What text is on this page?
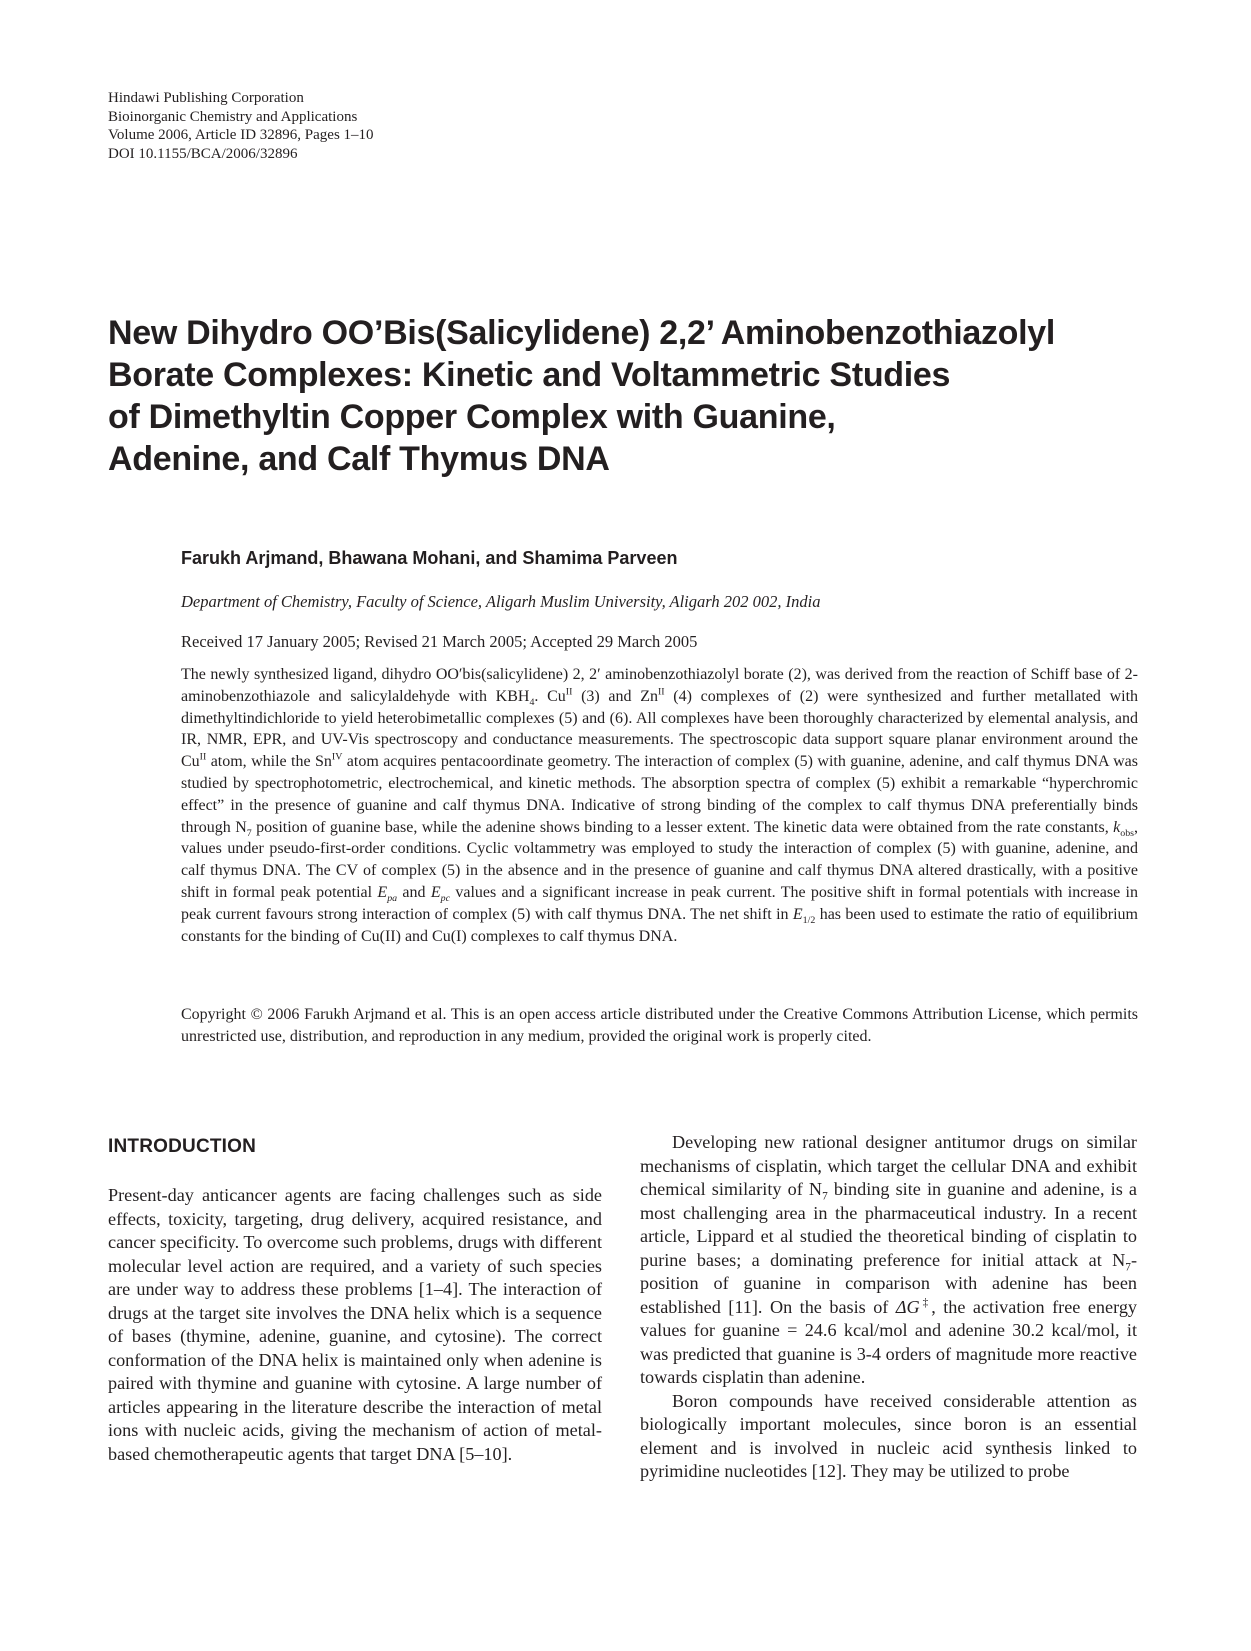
Hindawi Publishing Corporation
Bioinorganic Chemistry and Applications
Volume 2006, Article ID 32896, Pages 1–10
DOI 10.1155/BCA/2006/32896
New Dihydro OO’Bis(Salicylidene) 2,2’ Aminobenzothiazolyl
Borate Complexes: Kinetic and Voltammetric Studies
of Dimethyltin Copper Complex with Guanine,
Adenine, and Calf Thymus DNA
Farukh Arjmand, Bhawana Mohani, and Shamima Parveen
Department of Chemistry, Faculty of Science, Aligarh Muslim University, Aligarh 202 002, India
Received 17 January 2005; Revised 21 March 2005; Accepted 29 March 2005

The newly synthesized ligand, dihydro OO′bis(salicylidene) 2, 2′ aminobenzothiazolyl borate (2), was derived from the reaction of Schiff base of 2-aminobenzothiazole and salicylaldehyde with $KBH_4$. $Cu^{II}$ (3) and $Zn^{II}$ (4) complexes of (2) were synthesized and further metallated with dimethyltindichloride to yield heterobimetallic complexes (5) and (6). All complexes have been thoroughly characterized by elemental analysis, and IR, NMR, EPR, and UV-Vis spectroscopy and conductance measurements. The spectroscopic data support square planar environment around the $Cu^{II}$ atom, while the $Sn^{IV}$ atom acquires pentacoordinate geometry. The interaction of complex (5) with guanine, adenine, and calf thymus DNA was studied by spectrophotometric, electrochemical, and kinetic methods. The absorption spectra of complex (5) exhibit a remarkable “hyperchromic effect” in the presence of guanine and calf thymus DNA. Indicative of strong binding of the complex to calf thymus DNA preferentially binds through $N_7$ position of guanine base, while the adenine shows binding to a lesser extent. The kinetic data were obtained from the rate constants, $k_{obs}$, values under pseudo-first-order conditions. Cyclic voltammetry was employed to study the interaction of complex (5) with guanine, adenine, and calf thymus DNA. The CV of complex (5) in the absence and in the presence of guanine and calf thymus DNA altered drastically, with a positive shift in formal peak potential $E_{pa}$ and $E_{pc}$ values and a significant increase in peak current. The positive shift in formal potentials with increase in peak current favours strong interaction of complex (5) with calf thymus DNA. The net shift in $E_{1/2}$ has been used to estimate the ratio of equilibrium constants for the binding of Cu(II) and Cu(I) complexes to calf thymus DNA.

Copyright © 2006 Farukh Arjmand et al. This is an open access article distributed under the Creative Commons Attribution License, which permits unrestricted use, distribution, and reproduction in any medium, provided the original work is properly cited.

INTRODUCTION

Present-day anticancer agents are facing challenges such as side effects, toxicity, targeting, drug delivery, acquired resistance, and cancer specificity. To overcome such problems, drugs with different molecular level action are required, and a variety of such species are under way to address these problems [1–4]. The interaction of drugs at the target site involves the DNA helix which is a sequence of bases (thymine, adenine, guanine, and cytosine). The correct conformation of the DNA helix is maintained only when adenine is paired with thymine and guanine with cytosine. A large number of articles appearing in the literature describe the interaction of metal ions with nucleic acids, giving the mechanism of action of metal-based chemotherapeutic agents that target DNA [5–10].

Developing new rational designer antitumor drugs on similar mechanisms of cisplatin, which target the cellular DNA and exhibit chemical similarity of $N_7$ binding site in guanine and adenine, is a most challenging area in the pharmaceutical industry. In a recent article, Lippard et al studied the theoretical binding of cisplatin to purine bases; a dominating preference for initial attack at $N_7$-position of guanine in comparison with adenine has been established [11]. On the basis of ΔG‡, the activation free energy values for guanine = 24.6 kcal/mol and adenine 30.2 kcal/mol, it was predicted that guanine is 3-4 orders of magnitude more reactive towards cisplatin than adenine.

Boron compounds have received considerable attention as biologically important molecules, since boron is an essential element and is involved in nucleic acid synthesis linked to pyrimidine nucleotides [12]. They may be utilized to probe
